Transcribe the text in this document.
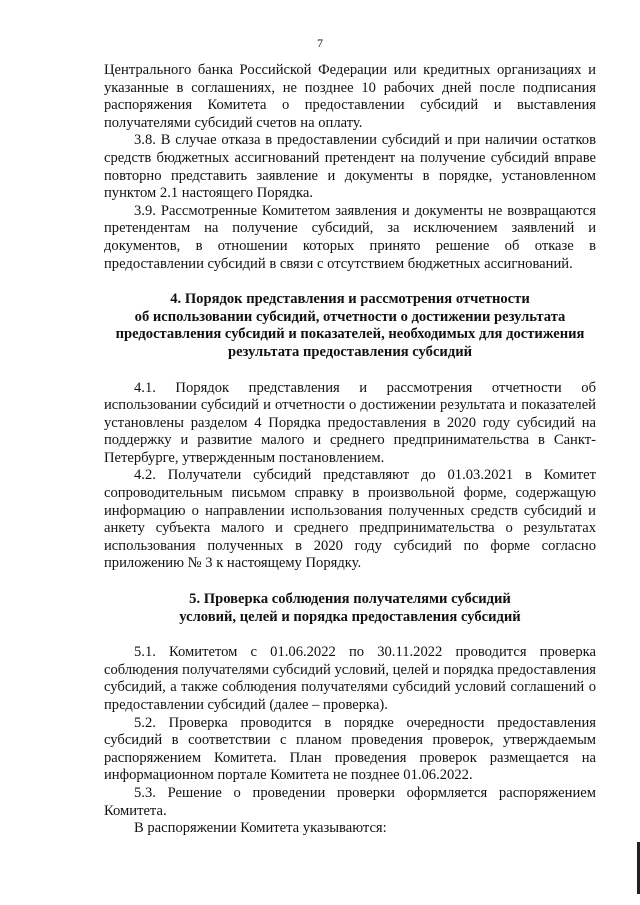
7

Центрального банка Российской Федерации или кредитных организациях и указанные в соглашениях, не позднее 10 рабочих дней после подписания распоряжения Комитета о предоставлении субсидий и выставления получателями субсидий счетов на оплату.

3.8. В случае отказа в предоставлении субсидий и при наличии остатков средств бюджетных ассигнований претендент на получение субсидий вправе повторно представить заявление и документы в порядке, установленном пунктом 2.1 настоящего Порядка.

3.9. Рассмотренные Комитетом заявления и документы не возвращаются претендентам на получение субсидий, за исключением заявлений и документов, в отношении которых принято решение об отказе в предоставлении субсидий в связи с отсутствием бюджетных ассигнований.

4. Порядок представления и рассмотрения отчетности
об использовании субсидий, отчетности о достижении результата
предоставления субсидий и показателей, необходимых для достижения
результата предоставления субсидий

4.1. Порядок представления и рассмотрения отчетности об использовании субсидий и отчетности о достижении результата и показателей установлены разделом 4 Порядка предоставления в 2020 году субсидий на поддержку и развитие малого и среднего предпринимательства в Санкт-Петербурге, утвержденным постановлением.

4.2. Получатели субсидий представляют до 01.03.2021 в Комитет сопроводительным письмом справку в произвольной форме, содержащую информацию о направлении использования полученных средств субсидий и анкету субъекта малого и среднего предпринимательства о результатах использования полученных в 2020 году субсидий по форме согласно приложению № 3 к настоящему Порядку.

5. Проверка соблюдения получателями субсидий
условий, целей и порядка предоставления субсидий

5.1. Комитетом с 01.06.2022 по 30.11.2022 проводится проверка соблюдения получателями субсидий условий, целей и порядка предоставления субсидий, а также соблюдения получателями субсидий условий соглашений о предоставлении субсидий (далее – проверка).

5.2. Проверка проводится в порядке очередности предоставления субсидий в соответствии с планом проведения проверок, утверждаемым распоряжением Комитета. План проведения проверок размещается на информационном портале Комитета не позднее 01.06.2022.

5.3. Решение о проведении проверки оформляется распоряжением Комитета.

В распоряжении Комитета указываются:
